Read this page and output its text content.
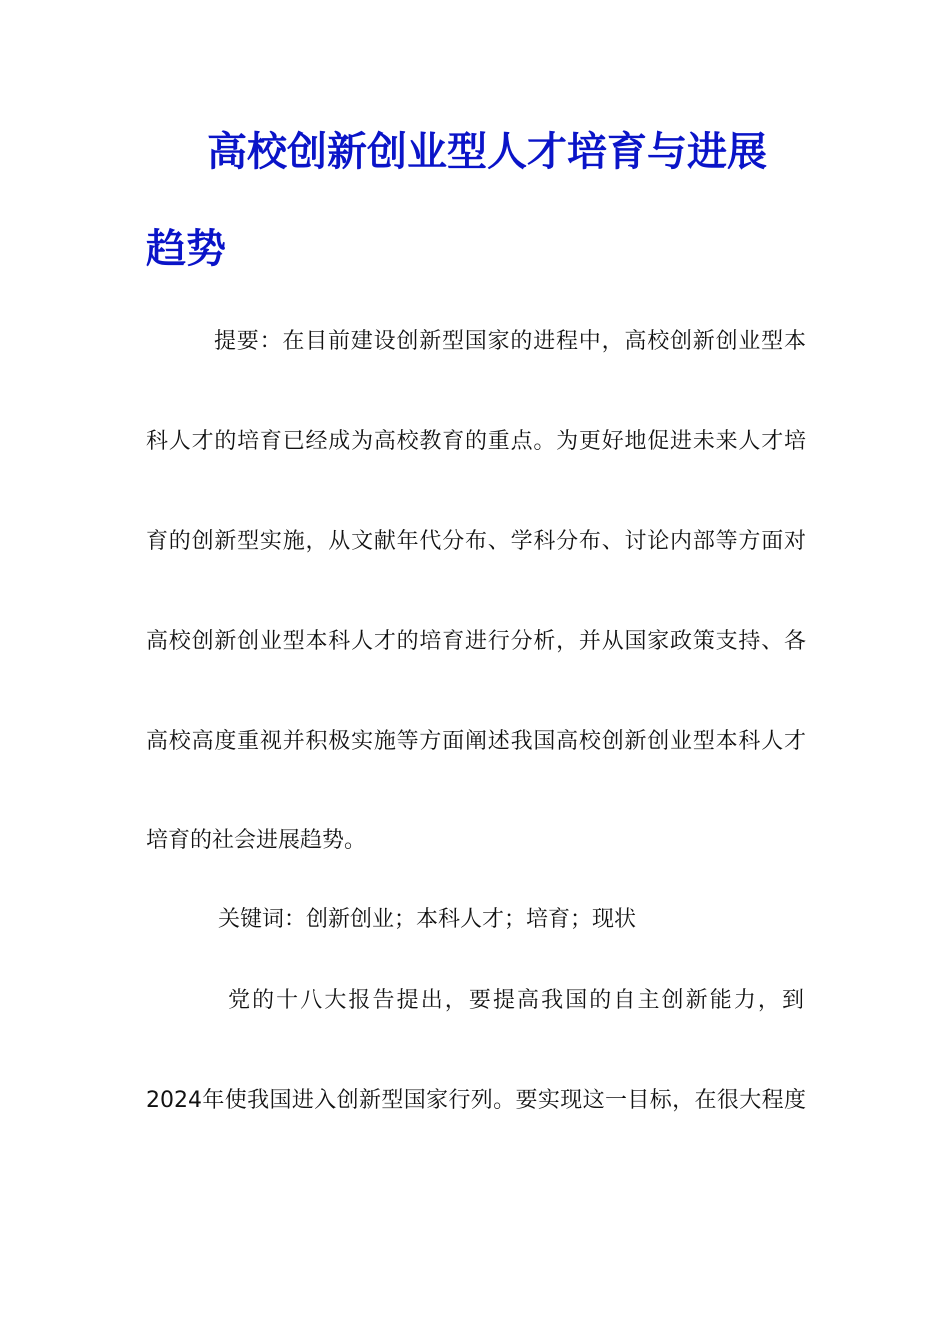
高校创新创业型人才培育与进展
趋势
提要：在目前建设创新型国家的进程中，高校创新创业型本
科人才的培育已经成为高校教育的重点。为更好地促进未来人才培
育的创新型实施，从文献年代分布、学科分布、讨论内部等方面对
高校创新创业型本科人才的培育进行分析，并从国家政策支持、各
高校高度重视并积极实施等方面阐述我国高校创新创业型本科人才
培育的社会进展趋势。
关键词：创新创业；本科人才；培育；现状
党的十八大报告提出，要提高我国的自主创新能力，到
2024年使我国进入创新型国家行列。要实现这一目标，在很大程度
